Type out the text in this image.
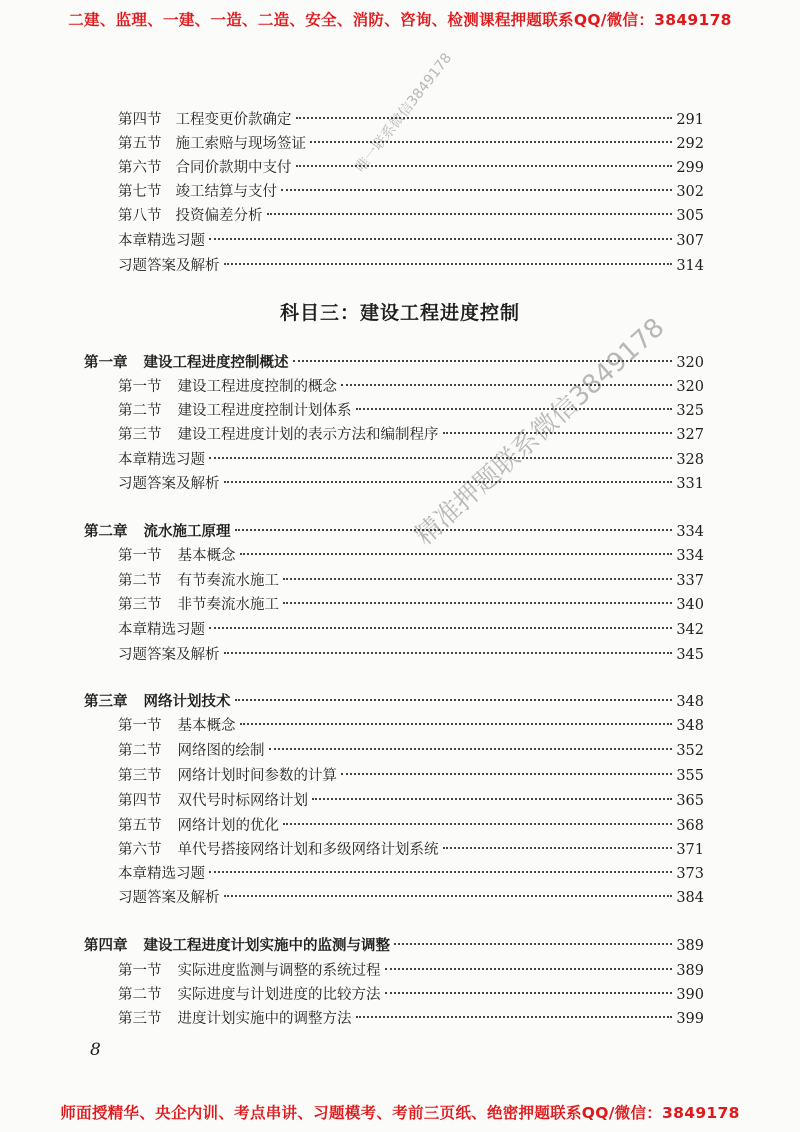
二建、监理、一建、一造、二造、安全、消防、咨询、检测课程押题联系QQ/微信：3849178
第四节 工程变更价款确定	291
第五节 施工索赔与现场签证	292
第六节 合同价款期中支付	299
第七节 竣工结算与支付	302
第八节 投资偏差分析	305
本章精选习题	307
习题答案及解析	314
科目三：建设工程进度控制
第一章 建设工程进度控制概述	320
第一节 建设工程进度控制的概念	320
第二节 建设工程进度控制计划体系	325
第三节 建设工程进度计划的表示方法和编制程序	327
本章精选习题	328
习题答案及解析	331
第二章 流水施工原理	334
第一节 基本概念	334
第二节 有节奏流水施工	337
第三节 非节奏流水施工	340
本章精选习题	342
习题答案及解析	345
第三章 网络计划技术	348
第一节 基本概念	348
第二节 网络图的绘制	352
第三节 网络计划时间参数的计算	355
第四节 双代号时标网络计划	365
第五节 网络计划的优化	368
第六节 单代号搭接网络计划和多级网络计划系统	371
本章精选习题	373
习题答案及解析	384
第四章 建设工程进度计划实施中的监测与调整	389
第一节 实际进度监测与调整的系统过程	389
第二节 实际进度与计划进度的比较方法	390
第三节 进度计划实施中的调整方法	399
唯一联系微信3849178
精准押题联系微信3849178
8
师面授精华、央企内训、考点串讲、习题模考、考前三页纸、绝密押题联系QQ/微信：3849178
